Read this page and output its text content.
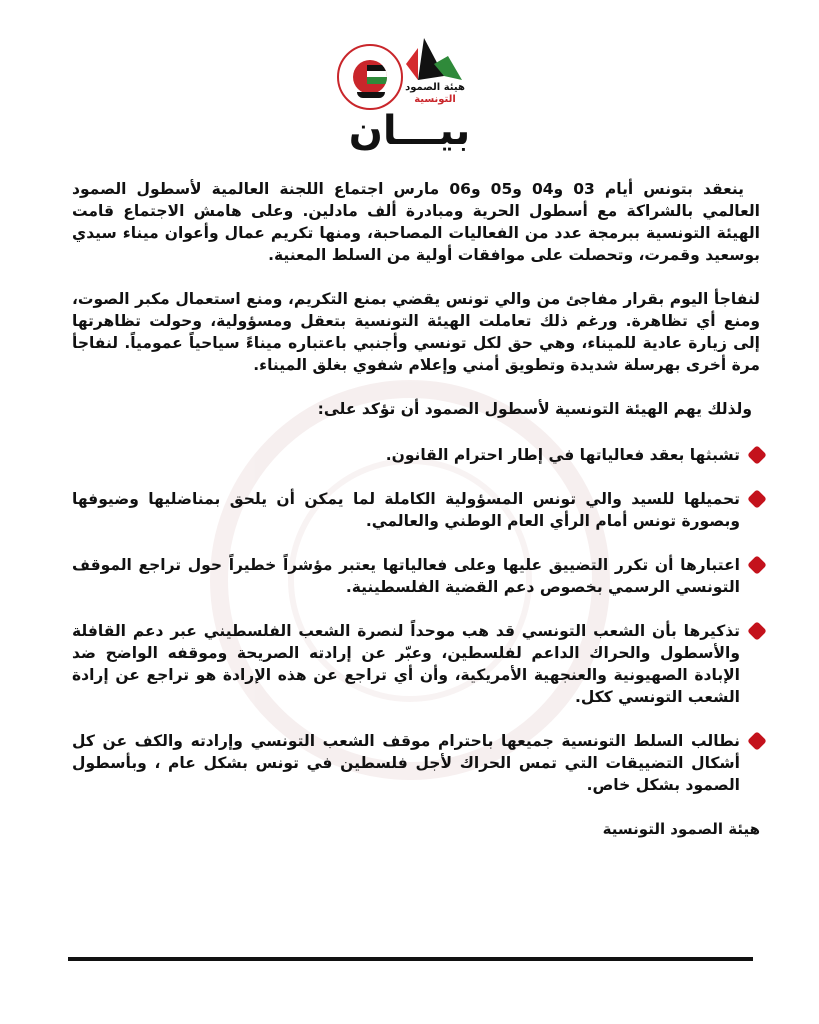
هيئة الصمود
التونسية
بيـــان

ينعقد بتونس أيام 03 و04 و05 و06 مارس اجتماع اللجنة العالمية لأسطول الصمود العالمي بالشراكة مع أسطول الحرية ومبادرة ألف مادلين. وعلى هامش الاجتماع قامت الهيئة التونسية ببرمجة عدد من الفعاليات المصاحبة، ومنها تكريم عمال وأعوان ميناء سيدي بوسعيد وقمرت، وتحصلت على موافقات أولية من السلط المعنية.

لنفاجأ اليوم بقرار مفاجئ من والي تونس يقضي بمنع التكريم، ومنع استعمال مكبر الصوت، ومنع أي تظاهرة. ورغم ذلك تعاملت الهيئة التونسية بتعقل ومسؤولية، وحولت تظاهرتها إلى زيارة عادية للميناء، وهي حق لكل تونسي وأجنبي باعتباره ميناءً سياحياً عمومياً. لنفاجأ مرة أخرى بهرسلة شديدة وتطويق أمني وإعلام شفوي بغلق الميناء.

ولذلك يهم الهيئة التونسية لأسطول الصمود أن تؤكد على:

تشبثها بعقد فعالياتها في إطار احترام القانون.
تحميلها للسيد والي تونس المسؤولية الكاملة لما يمكن أن يلحق بمناضليها وضيوفها وبصورة تونس أمام الرأي العام الوطني والعالمي.
اعتبارها أن تكرر التضييق عليها وعلى فعالياتها يعتبر مؤشراً خطيراً حول تراجع الموقف التونسي الرسمي بخصوص دعم القضية الفلسطينية.
تذكيرها بأن الشعب التونسي قد هب موحداً لنصرة الشعب الفلسطيني عبر دعم القافلة والأسطول والحراك الداعم لفلسطين، وعبّر عن إرادته الصريحة وموقفه الواضح ضد الإبادة الصهيونية والعنجهية الأمريكية، وأن أي تراجع عن هذه الإرادة هو تراجع عن إرادة الشعب التونسي ككل.
نطالب السلط التونسية جميعها باحترام موقف الشعب التونسي وإرادته والكف عن كل أشكال التضييقات التي تمس الحراك لأجل فلسطين في تونس بشكل عام ، وبأسطول الصمود بشكل خاص.

هيئة الصمود التونسية
